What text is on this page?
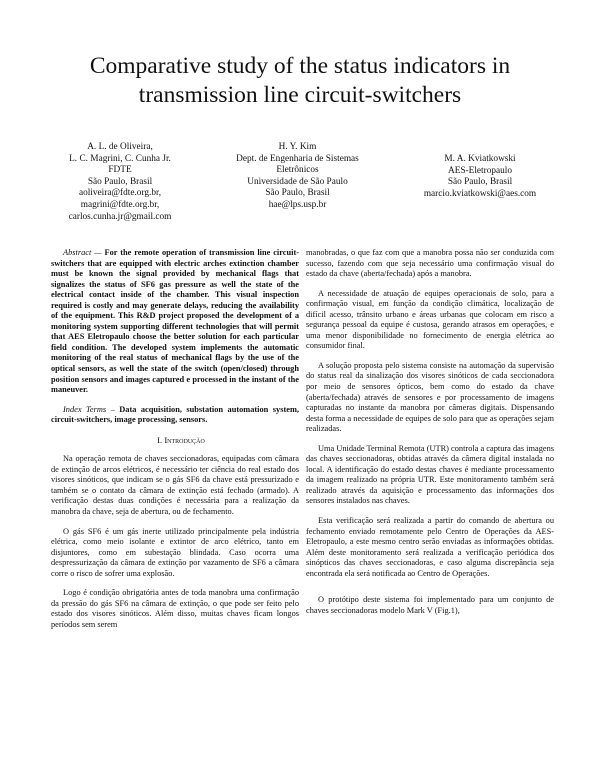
Comparative study of the status indicators in transmission line circuit-switchers
A. L. de Oliveira,
L. C. Magrini, C. Cunha Jr.
FDTE
São Paulo, Brasil
aoliveira@fdte.org.br,
magrini@fdte.org.br,
carlos.cunha.jr@gmail.com
H. Y. Kim
Dept. de Engenharia de Sistemas
Eletrônicos
Universidade de São Paulo
São Paulo, Brasil
hae@lps.usp.br
M. A. Kviatkowski
AES-Eletropaulo
São Paulo, Brasil
marcio.kviatkowski@aes.com

Abstract — For the remote operation of transmission line circuit-switchers that are equipped with electric arches extinction chamber must be known the signal provided by mechanical flags that signalizes the status of SF6 gas pressure as well the state of the electrical contact inside of the chamber. This visual inspection required is costly and may generate delays, reducing the availability of the equipment. This R&D project proposed the development of a monitoring system supporting different technologies that will permit that AES Eletropaulo choose the better solution for each particular field condition. The developed system implements the automatic monitoring of the real status of mechanical flags by the use of the optical sensors, as well the state of the switch (open/closed) through position sensors and images captured e processed in the instant of the maneuver.

Index Terms – Data acquisition, substation automation system, circuit-switchers, image processing, sensors.

I. Introdução

Na operação remota de chaves seccionadoras, equipadas com câmara de extinção de arcos elétricos, é necessário ter ciência do real estado dos visores sinóticos, que indicam se o gás SF6 da chave está pressurizado e também se o contato da câmara de extinção está fechado (armado). A verificação destas duas condições é necessária para a realização da manobra da chave, seja de abertura, ou de fechamento.

O gás SF6 é um gás inerte utilizado principalmente pela indústria elétrica, como meio isolante e extintor de arco elétrico, tanto em disjuntores, como em subestação blindada. Caso ocorra uma despressurização da câmara de extinção por vazamento de SF6 a câmara corre o risco de sofrer uma explosão.

Logo é condição obrigatória antes de toda manobra uma confirmação da pressão do gás SF6 na câmara de extinção, o que pode ser feito pelo estado dos visores sinóticos. Além disso, muitas chaves ficam longos períodos sem serem

manobradas, o que faz com que a manobra possa não ser conduzida com sucesso, fazendo com que seja necessário uma confirmação visual do estado da chave (aberta/fechada) após a manobra.

A necessidade de atuação de equipes operacionais de solo, para a confirmação visual, em função da condição climática, localização de difícil acesso, trânsito urbano e áreas urbanas que colocam em risco a segurança pessoal da equipe é custosa, gerando atrasos em operações, e uma menor disponibilidade no fornecimento de energia elétrica ao consumidor final.

A solução proposta pelo sistema consiste na automação da supervisão do status real da sinalização dos visores sinóticos de cada seccionadora por meio de sensores ópticos, bem como do estado da chave (aberta/fechada) através de sensores e por processamento de imagens capturadas no instante da manobra por câmeras digitais. Dispensando desta forma a necessidade de equipes de solo para que as operações sejam realizadas.

Uma Unidade Terminal Remota (UTR) controla a captura das imagens das chaves seccionadoras, obtidas através da câmera digital instalada no local. A identificação do estado destas chaves é mediante processamento da imagem realizado na própria UTR. Este monitoramento também será realizado através da aquisição e processamento das informações dos sensores instalados nas chaves.

Esta verificação será realizada a partir do comando de abertura ou fechamento enviado remotamente pelo Centro de Operações da AES-Eletropaulo, a este mesmo centro serão enviadas as informações obtidas. Além deste monitoramento será realizada a verificação periódica dos sinópticos das chaves seccionadoras, e caso alguma discrepância seja encontrada ela será notificada ao Centro de Operações.

O protótipo deste sistema foi implementado para um conjunto de chaves seccionadoras modelo Mark V (Fig.1),
